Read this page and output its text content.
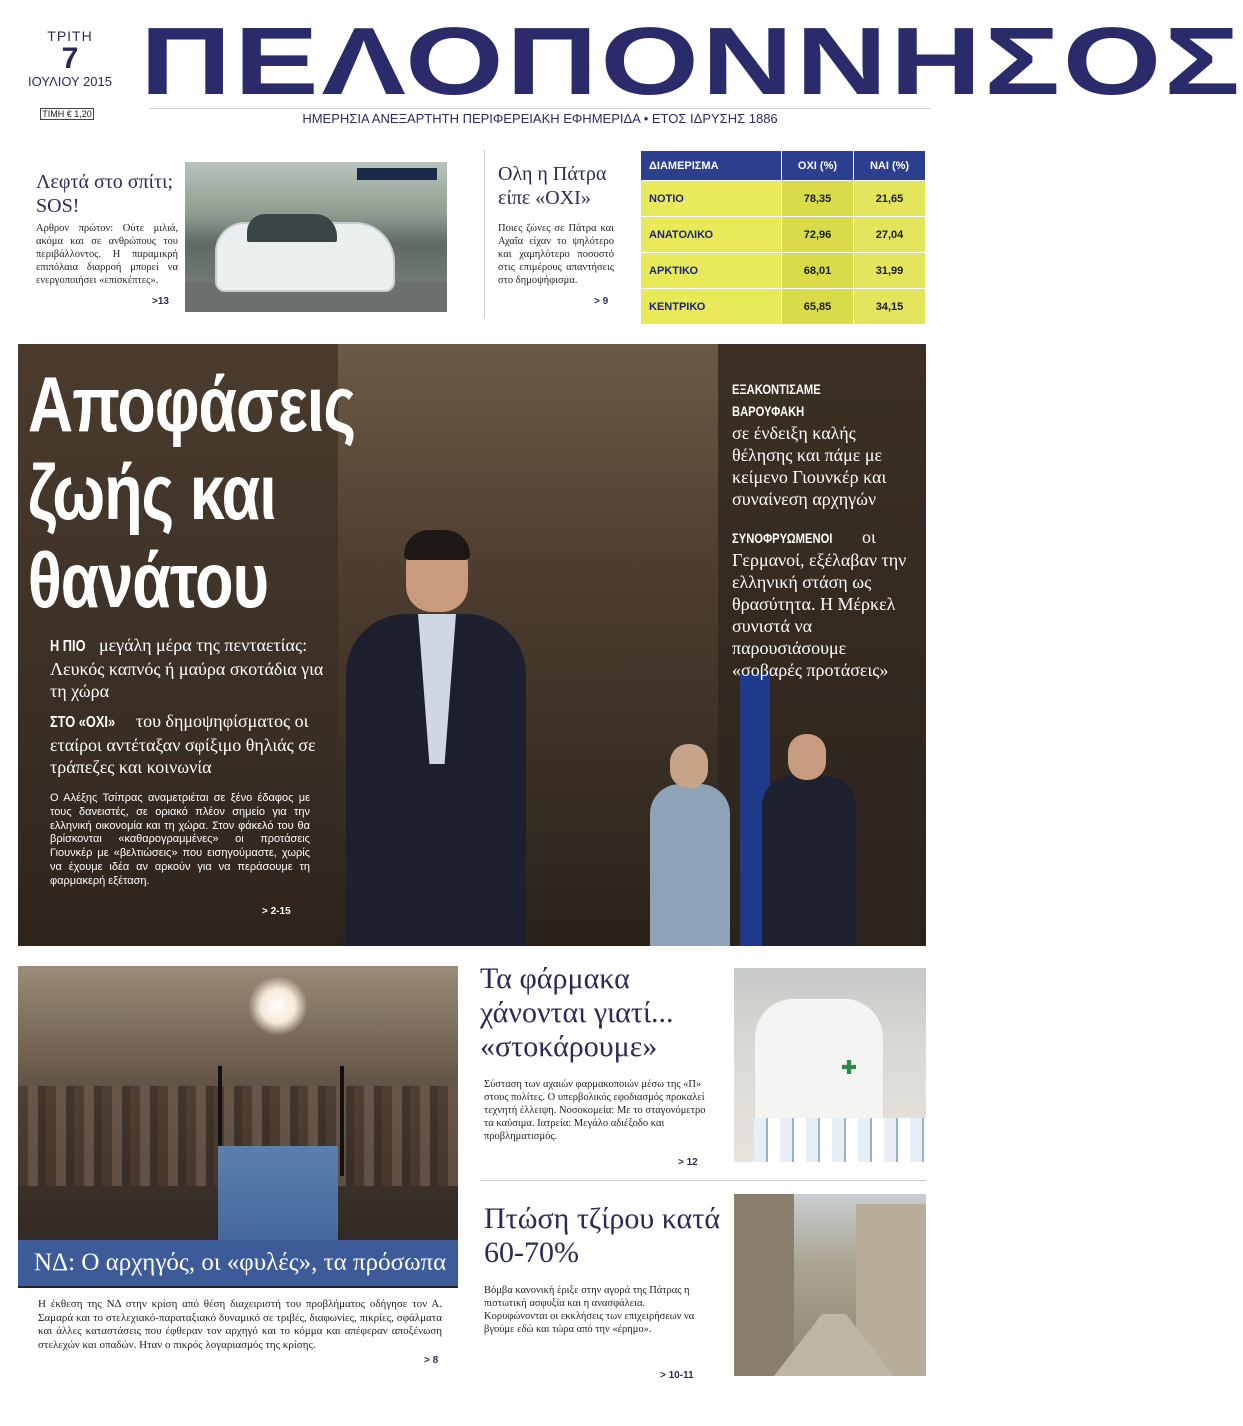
ΤΡΙΤΗ
7
ΙΟΥΛΙΟΥ 2015
ΤΙΜΗ € 1,20 ΠΕΛΟΠΟΝΝΗΣΟΣ
ΗΜΕΡΗΣΙΑ ΑΝΕΞΑΡΤΗΤΗ ΠΕΡΙΦΕΡΕΙΑΚΗ ΕΦΗΜΕΡΙΔΑ • ΕΤΟΣ ΙΔΡΥΣΗΣ 1886
Λεφτά στο σπίτι; SOS!
Αρθρον πρώτον: Ούτε μιλιά, ακόμα και σε ανθρώπους του περιβάλλοντος. Η παραμικρή επιπόλαια διαρροή μπορεί να ενεργοποιήσει «επισκέπτες».
>13
Ολη η Πάτρα είπε «ΟΧΙ»
Ποιες ζώνες σε Πάτρα και Αχαΐα είχαν το ψηλότερο και χαμηλότερο ποσοστό στις επιμέρους απαντήσεις στο δημοψήφισμα.
> 9
ΔΙΑΜΕΡΙΣΜΑ	ΟΧΙ (%)	ΝΑΙ (%)
ΝΟΤΙΟ	78,35	21,65
ΑΝΑΤΟΛΙΚΟ	72,96	27,04
ΑΡΚΤΙΚΟ	68,01	31,99
ΚΕΝΤΡΙΚΟ	65,85	34,15
Αποφάσεις
ζωής και
θανάτου
Η ΠΙΟ μεγάλη μέρα της πενταετίας: Λευκός καπνός ή μαύρα σκοτάδια για τη χώρα
ΣΤΟ «ΟΧΙ» του δημοψηφίσματος οι εταίροι αντέταξαν σφίξιμο θηλιάς σε τράπεζες και κοινωνία
Ο Αλέξης Τσίπρας αναμετριέται σε ξένο έδαφος με τους δανειστές, σε οριακό πλέον σημείο για την ελληνική οικονομία και τη χώρα. Στον φάκελό του θα βρίσκονται «καθαρογραμμένες» οι προτάσεις Γιουνκέρ με «βελτιώσεις» που εισηγούμαστε, χωρίς να έχουμε ιδέα αν αρκούν για να περάσουμε τη φαρμακερή εξέταση.
> 2-15
ΕΞΑΚΟΝΤΙΣΑΜΕ ΒΑΡΟΥΦΑΚΗ
σε ένδειξη καλής θέλησης και πάμε με κείμενο Γιουνκέρ και συναίνεση αρχηγών
ΣΥΝΟΦΡΥΩΜΕΝΟΙ οι Γερμανοί, εξέλαβαν την ελληνική στάση ως θρασύτητα. Η Μέρκελ συνιστά να παρουσιάσουμε «σοβαρές προτάσεις»
ΝΔ: Ο αρχηγός, οι «φυλές», τα πρόσωπα
Η έκθεση της ΝΔ στην κρίση από θέση διαχειριστή του προβλήματος οδήγησε τον Α. Σαμαρά και το στελεχιακό-παραταξιακό δυναμικό σε τριβές, διαφωνίες, πικρίες, σφάλματα και άλλες καταστάσεις που έφθεραν τον αρχηγό και το κόμμα και απέφεραν αποξένωση στελεχών και οπαδών. Ηταν ο πικρός λογαριασμός της κρίσης.
> 8
Τα φάρμακα χάνονται γιατί... «στοκάρουμε»
Σύσταση των αχαιών φαρμακοποιών μέσω της «Π» στους πολίτες. Ο υπερβολικός εφοδιασμός προκαλεί τεχνητή έλλειψη. Νοσοκομεία: Με το σταγονόμετρο τα καύσιμα. Ιατρεία: Μεγάλο αδιέξοδο και προβληματισμός.
> 12
Πτώση τζίρου κατά 60-70%
Βόμβα κανονική έριξε στην αγορά της Πάτρας η πιστωτική ασφυξία και η ανασφάλεια. Κορυφώνονται οι εκκλήσεις των επιχειρήσεων να βγούμε εδώ και τώρα από την «έρημο».
> 10-11
